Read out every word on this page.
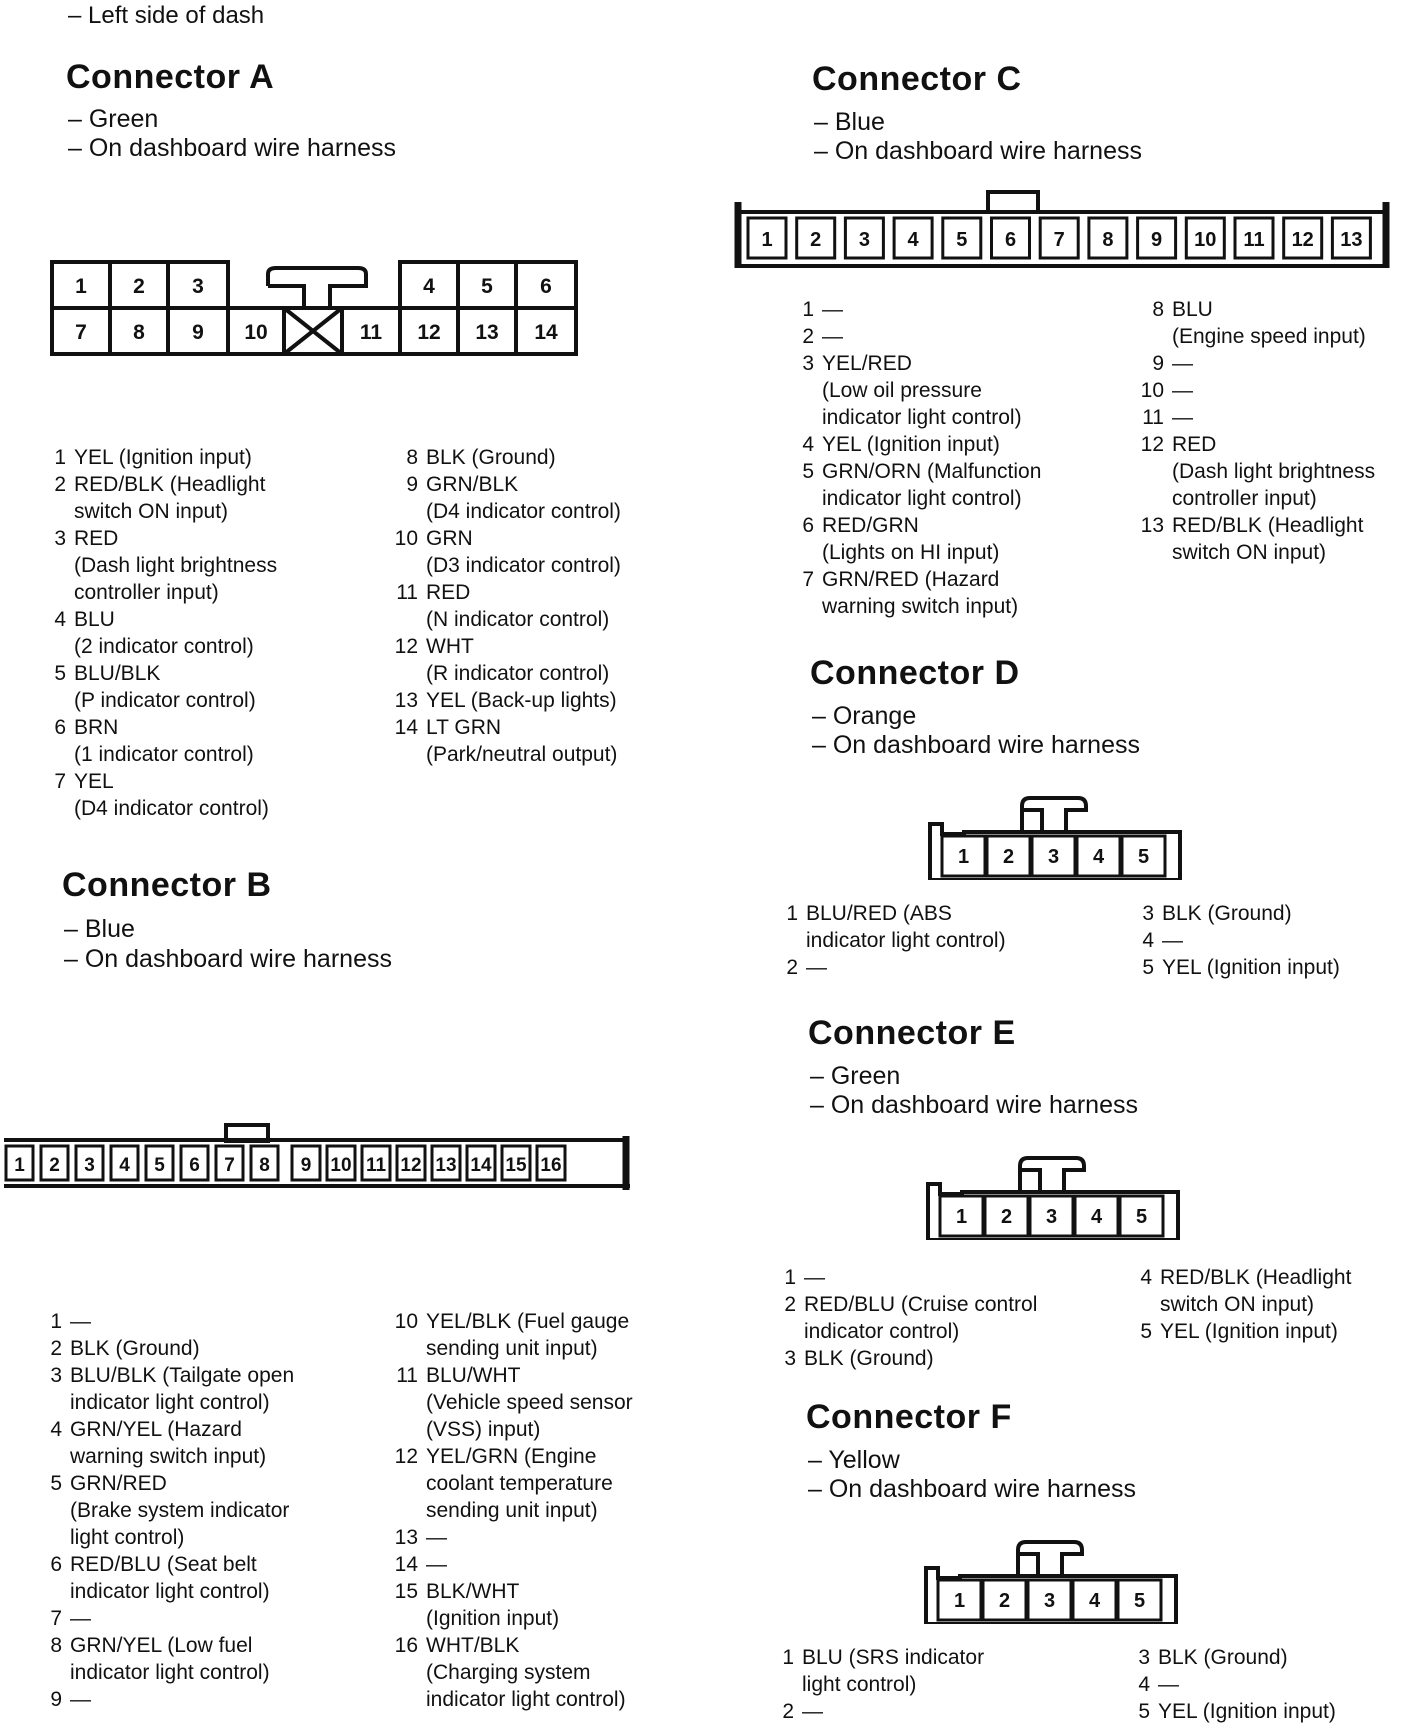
– Left side of dash
Connector A
– Green
– On dashboard wire harness
1 2 3	4 5 6
7 8 9 10	11 12 13 14
1 YEL (Ignition input)
2 RED/BLK (Headlight
switch ON input)
3 RED
(Dash light brightness
controller input)
4 BLU
(2 indicator control)
5 BLU/BLK
(P indicator control)
6 BRN
(1 indicator control)
7 YEL
(D4 indicator control)
8 BLK (Ground)
9 GRN/BLK
(D4 indicator control)
10 GRN
(D3 indicator control)
11 RED
(N indicator control)
12 WHT
(R indicator control)
13 YEL (Back-up lights)
14 LT GRN
(Park/neutral output)
Connector B
– Blue
– On dashboard wire harness
1 2 3 4 5 6 7 8 9 10 11 12 13 14 15 16
1 —
2 BLK (Ground)
3 BLU/BLK (Tailgate open
indicator light control)
4 GRN/YEL (Hazard
warning switch input)
5 GRN/RED
(Brake system indicator
light control)
6 RED/BLU (Seat belt
indicator light control)
7 —
8 GRN/YEL (Low fuel
indicator light control)
9 —
10 YEL/BLK (Fuel gauge
sending unit input)
11 BLU/WHT
(Vehicle speed sensor
(VSS) input)
12 YEL/GRN (Engine
coolant temperature
sending unit input)
13 —
14 —
15 BLK/WHT
(Ignition input)
16 WHT/BLK
(Charging system
indicator light control)
Connector C
– Blue
– On dashboard wire harness
1 2 3 4 5 6 7 8 9 10 11 12 13
1 —
2 —
3 YEL/RED
(Low oil pressure
indicator light control)
4 YEL (Ignition input)
5 GRN/ORN (Malfunction
indicator light control)
6 RED/GRN
(Lights on HI input)
7 GRN/RED (Hazard
warning switch input)
8 BLU
(Engine speed input)
9 —
10 —
11 —
12 RED
(Dash light brightness
controller input)
13 RED/BLK (Headlight
switch ON input)
Connector D
– Orange
– On dashboard wire harness
1 2 3 4 5
1 BLU/RED (ABS
indicator light control)
2 —
3 BLK (Ground)
4 —
5 YEL (Ignition input)
Connector E
– Green
– On dashboard wire harness
1 2 3 4 5
1 —
2 RED/BLU (Cruise control
indicator control)
3 BLK (Ground)
4 RED/BLK (Headlight
switch ON input)
5 YEL (Ignition input)
Connector F
– Yellow
– On dashboard wire harness
1 2 3 4 5
1 BLU (SRS indicator
light control)
2 —
3 BLK (Ground)
4 —
5 YEL (Ignition input)
